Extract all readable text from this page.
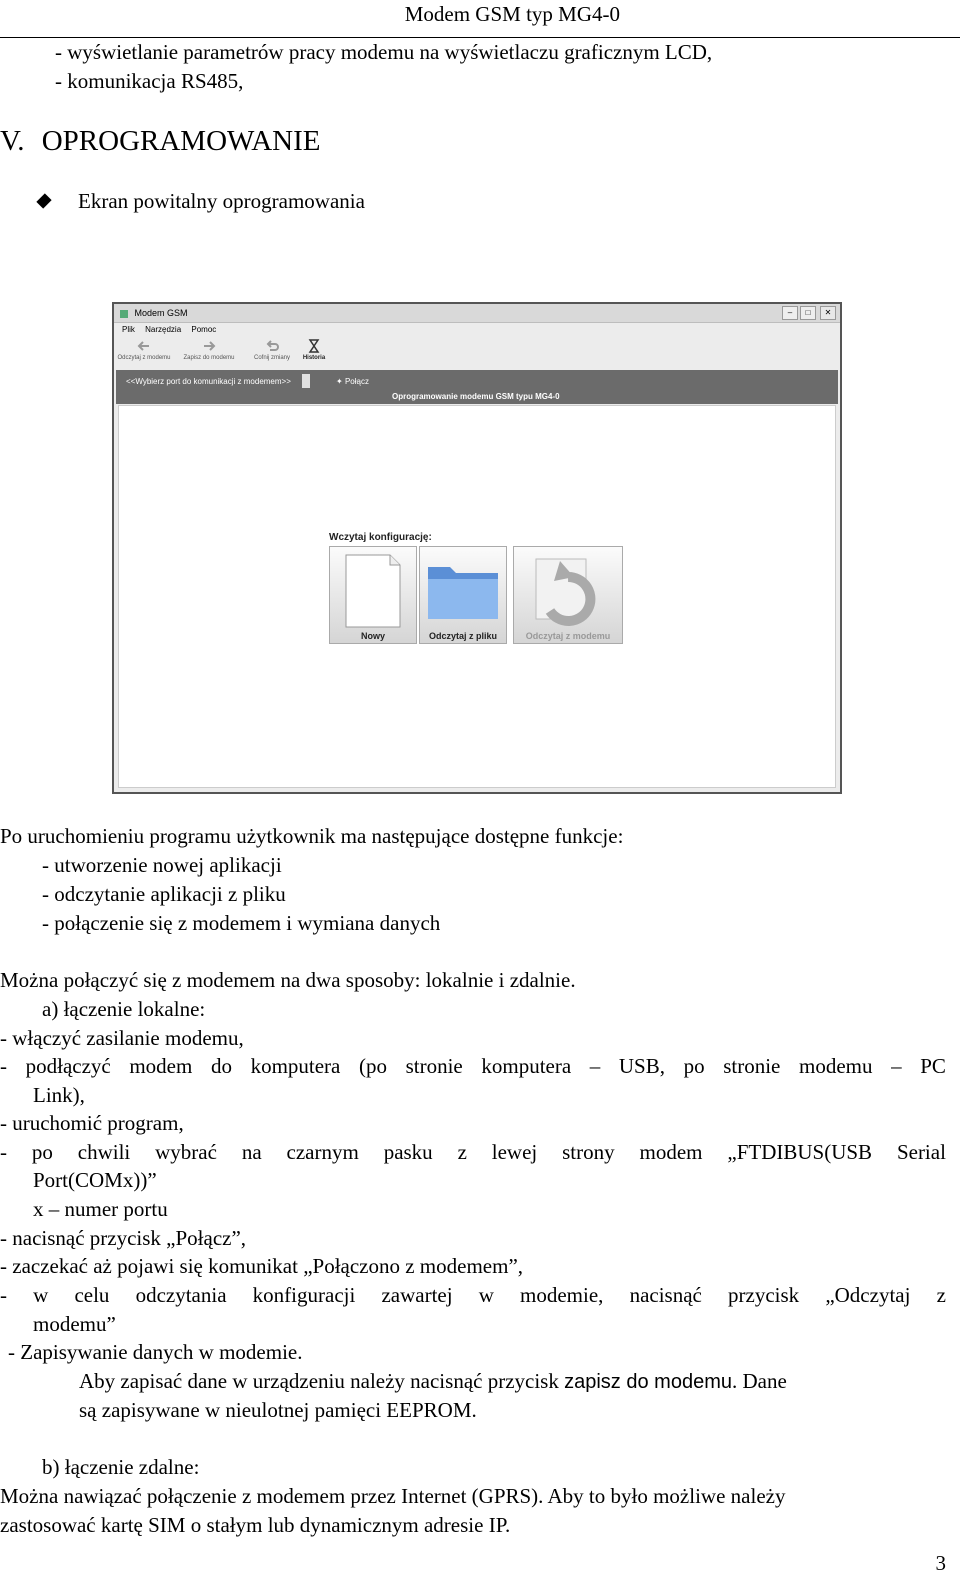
Modem GSM typ MG4-0
- wyświetlanie parametrów pracy modemu na wyświetlaczu graficznym LCD,
- komunikacja RS485,
V. OPROGRAMOWANIE
Ekran powitalny oprogramowania
Modem GSM	–	□	✕
Plik Narzędzia Pomoc
Odczytaj z modemu	Zapisz do modemu	Cofnij zmiany	Historia
<<Wybierz port do komunikacji z modemem>>	✦ Połącz
Oprogramowanie modemu GSM typu MG4-0
Wczytaj konfigurację:
Nowy	Odczytaj z pliku	Odczytaj z modemu
Po uruchomieniu programu użytkownik ma następujące dostępne funkcje:
- utworzenie nowej aplikacji
- odczytanie aplikacji z pliku
- połączenie się z modemem i wymiana danych
Można połączyć się z modemem na dwa sposoby: lokalnie i zdalnie.
a) łączenie lokalne:
- włączyć zasilanie modemu,
- podłączyć modem do komputera (po stronie komputera – USB, po stronie modemu – PC
Link),
- uruchomić program,
- po chwili wybrać na czarnym pasku z lewej strony modem „FTDIBUS(USB Serial
Port(COMx))”
x – numer portu
- nacisnąć przycisk „Połącz”,
- zaczekać aż pojawi się komunikat „Połączono z modemem”,
- w celu odczytania konfiguracji zawartej w modemie, nacisnąć przycisk „Odczytaj z
modemu”
- Zapisywanie danych w modemie.
Aby zapisać dane w urządzeniu należy nacisnąć przycisk zapisz do modemu. Dane
są zapisywane w nieulotnej pamięci EEPROM.
b) łączenie zdalne:
Można nawiązać połączenie z modemem przez Internet (GPRS). Aby to było możliwe należy
zastosować kartę SIM o stałym lub dynamicznym adresie IP.
3
